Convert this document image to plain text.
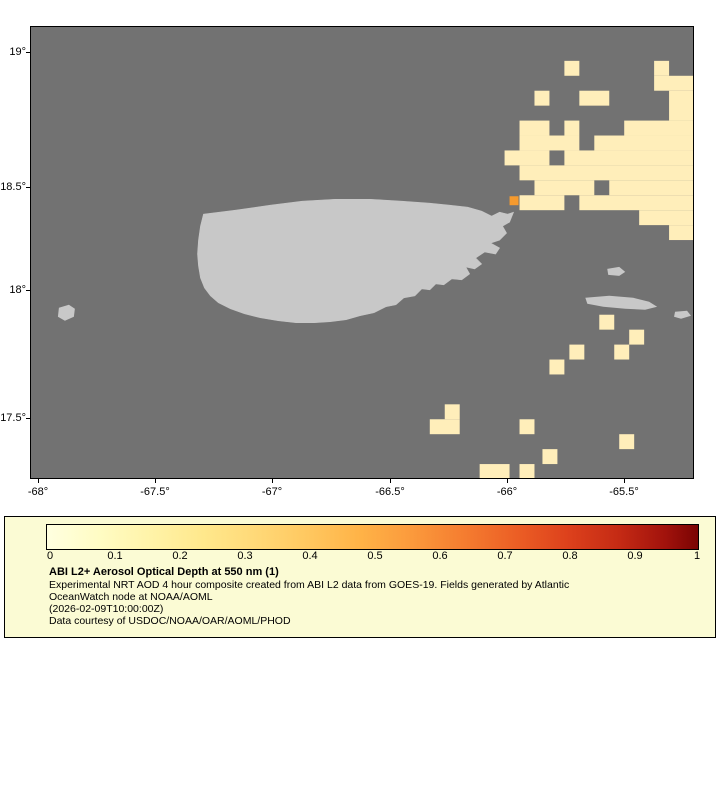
19°
18.5°
18°
17.5°
-68°	-67.5°	-67°	-66.5°	-66°	-65.5°
0	0.1	0.2	0.3	0.4	0.5	0.6	0.7	0.8	0.9	1
ABI L2+ Aerosol Optical Depth at 550 nm (1)
Experimental NRT AOD 4 hour composite created from ABI L2 data from GOES-19. Fields generated by Atlantic
OceanWatch node at NOAA/AOML
(2026-02-09T10:00:00Z)
Data courtesy of USDOC/NOAA/OAR/AOML/PHOD
